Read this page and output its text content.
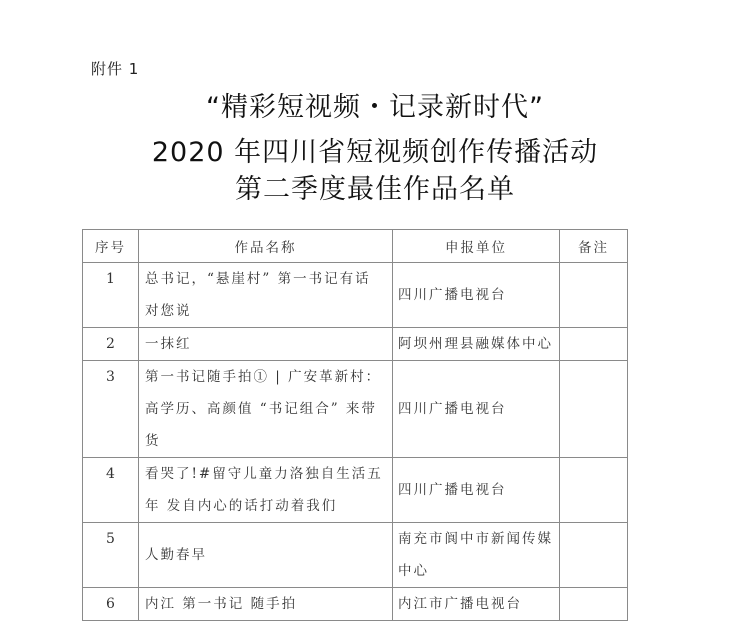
附件 1
“精彩短视频・记录新时代”
2020 年四川省短视频创作传播活动
第二季度最佳作品名单
序号	作品名称	申报单位	备注
1	总书记，“悬崖村” 第一书记有话对您说	四川广播电视台	
2	一抹红	阿坝州理县融媒体中心	
3	第一书记随手拍① | 广安革新村：高学历、高颜值 “书记组合” 来带货	四川广播电视台	
4	看哭了!#留守儿童力洛独自生活五年 发自内心的话打动着我们	四川广播电视台	
5	人勤春早	南充市阆中市新闻传媒中心	
6	内江 第一书记 随手拍	内江市广播电视台	
